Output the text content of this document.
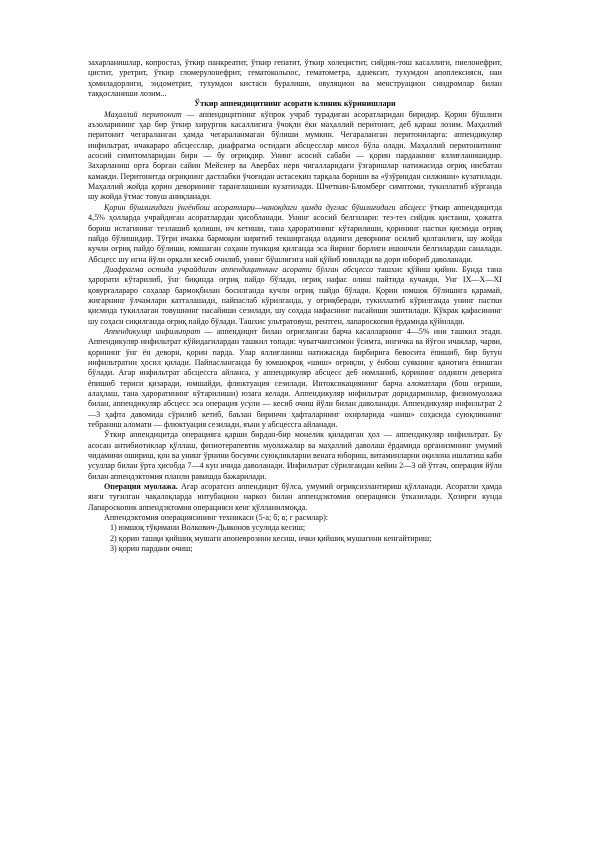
захарланишлар, копростаз, ўткир панкреатит, ўткир гепатит, ўткир холецистит, сийдик-тош касаллиги, пиелонефрит, цистит, уретрит, ўткир гломерулонефрит, гематокольпос, гематометра, аднексит, тухумдон апоплексияси, наи ҳомиладорлиги, эндометрит, тухумдон кистаси буралиши, овуляцион ва менструацион синдромлар билан таққосланиши лозим...

Ўткир аппендицитнинг асорати клиник кўринишлари

Маҳаллий перитонит — аппендицитнинг кўпрок учраб турадиган асоратларидан биридир. Қорин бўшлиғи аъзоларининг ҳар бир ўткир хирургик касаллигига ўчоқли ёки маҳаллий перитонит, деб қараш лозим. Маҳаллий перитонит чегараланган ҳамда чегараланмаган бўлиши мумкин. Чегараланган перитониларга: аппендикуляр инфильтрат, ичакараро абсцесслар, диафрагма остидаги абсцесслар мисол бўла олади. Маҳаллий перитонитнинг асосий симптомларидан бири — бу оғриқдир. Унинг асосий сабаби — қорин пардаанинг яллиғланишидир. Захарланиш орта борган сайин Мейснер ва Авербах нерв чигалларидаги ўзгаришлар натижасида оғриқ нисбатан камаяди. Перитонитда оғриқнинг дастлабки ўчоғидан астасекин тарқала бориши ва «ўзўриндан силжиши» кузатилади. Маҳаллий жойда қорин деворининг таранглашиши кузатилади. Шчеткин-Блюмберг симптоми, тукиллатиб кўрганда шу жойда ўтмас товуш аниқланади.

Қорин бўшлиғидаги ўнгёнбош асоратлари—чаноқдаги ҳамда дуглас бўшлиғидаги абсцесс ўткир аппендицитда 4,5% ҳолларда учрайдиган асоратлардан ҳисобланади. Унинг асосий белгилари: тез-тез сийдик қистаиш, ҳожатга бориш истагининг тезлашиб қолиши, ич кетиши, тана ҳароратининг кўтарилиши, қорининг пастки қисмида оғриқ пайдо бўлишидир. Тўғри ичакка бармоқни киритиб текширганда олдинги деворнинг осилиб қолганлиги, шу жойда кучли оғриқ пайдо бўлиши, юмшаган соҳани пункция қилганда эса йиринг борлиги ишончли белгилардан саналади. Абсцесс шу игна йўли орқали кесиб очилиб, унинг бўшлиғига най қўйиб ювилади ва дори юбориб даволанади.

Диафрагма остида учрайдиган аппендицитнинг асорати бўлган абсцесса ташхис қўйиш қийин. Бунда тана ҳарорати кўтарилиб, ўнг биқинда оғриқ пайдо бўлади, оғриқ нафас олиш пайтида кучаяди. Унг IX—X—XI қовурғаларaро соҳалар бармоқбилан босилганда кучли оғриқ пайдо бўлади. Қорин юмшок бўлишига қарамай, жигарнинг ўлчамлари катталашади, пайпаслаб кўрилганда, у оғриқберади, тукиллатиб кўрилганда унинг пастки қисмида тукиллаган товушнинг пасайиши сезилади, шу соҳада нафаснинг пасайиши эшитилади. Кўкрак қафасининг шу соҳаси сиқилганда оғриқ пайдо бўлади. Ташхис ультратовуш, рентген, лапароскопия ёрдамида қўйилади.

Аппендикуляр инфильтрат — аппендицит билан оғригланган барча касалларнинг 4—5% ини ташкил этади. Аппендикуляр инфильтрат кўйидагилардан ташкил топади: чуватчангсимон ўсимта, ингичка ва йўғон ичаклар, чарви, қорининг ўнг ён девори, қорин парда. Улар яллиғланиш натижасида бирбирига бевосита ёпишиб, бир бутун инфильтратни ҳосил қилади. Пайпасланганда бу юмшоқроқ «шиш» оғриқли, у ёнбош суякнинг қанотига ёпишган бўлади. Агар инфильтрат абсцессга айланса, у аппендикуляр абсцесс деб номланиб, қорининг олдинги деворига ёпишиб териси қизаради, юмшайди, флюктуация сезилади. Интоксикациянинг барча аломатлари (бош оғриши, алаҳлаш, тана ҳароратининг кўтарилиши) юзага келади. Аппендикуляр инфильтрат доридармонлар, физиомуолажа билан, аппендикуляр абсцесс эса операция усули — кесиб очиш йўли билан даволанади. Аппендикуляр инфильтрат 2—3 ҳафта давомида сўрилиб кетиб, баъзан биринчи ҳафталарнинг охирларида «шиш» соҳасида суюқликнинг тебраниш аломати — флюктуация сезилади, яъни у абсцессга айланади.

Ўткир аппендицитда операцияга қарши бирдан-бир монелик қиладиган ҳол — аппендикуляр инфильтрат. Бу асосан антибиотиклар қўллаш, физиотерапевтик муолажалар ва маҳаллий даволаш ёрдамида организмнинг умумий чидамини ошириш, қон ва унинг ўрнини босувчи суюқликларни венага юбориш, витаминларни оқилона ишлатиш каби усуллар билан ўрта ҳисобда 7—4 кун ичида даволанади. Инфильтрат сўрилгандан кейин 2—3 ой ўтгач, операция йўли билан аппендэктомия планли равишда бажарилади.

Операция муолажа. Агар асоратсиз аппендицит бўлса, умумий оғриқсизлантириш қўлланади. Асоратли ҳамда янги туғилган чақалоқларда интубацион наркоз билан аппендэктомия операцияси ўтказилади. Ҳозирги кунда Лапароскопик аппендэктомия операцияси кенг қўлланилмоқда.

Аппендэктомия операциясининг техникаси (5-а; б; в; г расмлар):

1) юмшоқ тўқимани Волкович-Дьяконов усулида кесиш;

2) қорин ташқи қийшиқ мушаги апоневрозини кесиш, ички қийшиқ мушагини кенгайтириш;

3) қорин пардани очиш;
